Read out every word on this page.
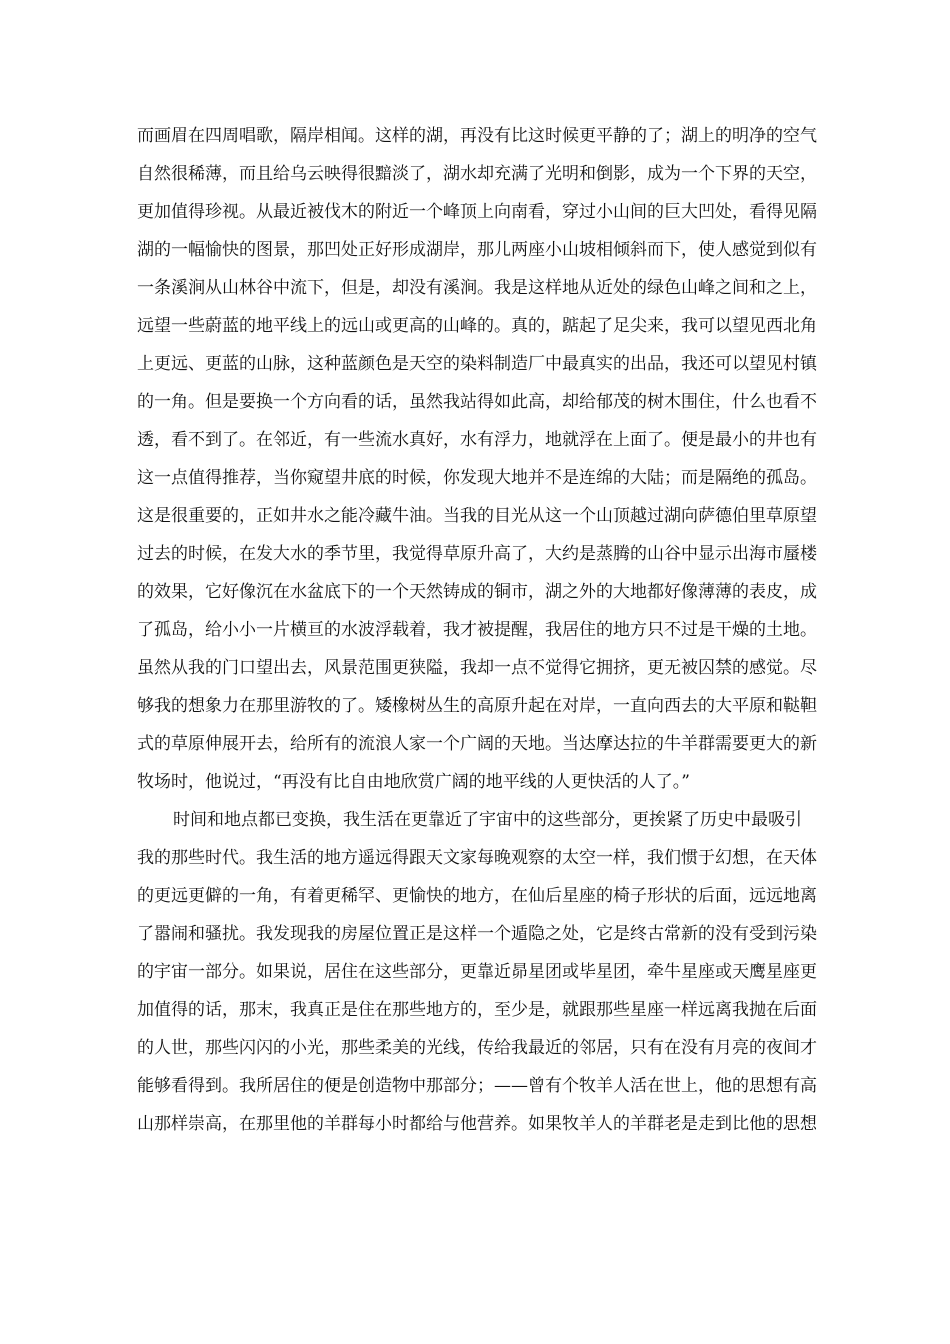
而画眉在四周唱歌，隔岸相闻。这样的湖，再没有比这时候更平静的了；湖上的明净的空气
自然很稀薄，而且给乌云映得很黯淡了，湖水却充满了光明和倒影，成为一个下界的天空，
更加值得珍视。从最近被伐木的附近一个峰顶上向南看，穿过小山间的巨大凹处，看得见隔
湖的一幅愉快的图景，那凹处正好形成湖岸，那儿两座小山坡相倾斜而下，使人感觉到似有
一条溪涧从山林谷中流下，但是，却没有溪涧。我是这样地从近处的绿色山峰之间和之上，
远望一些蔚蓝的地平线上的远山或更高的山峰的。真的，踮起了足尖来，我可以望见西北角
上更远、更蓝的山脉，这种蓝颜色是天空的染料制造厂中最真实的出品，我还可以望见村镇
的一角。但是要换一个方向看的话，虽然我站得如此高，却给郁茂的树木围住，什么也看不
透，看不到了。在邻近，有一些流水真好，水有浮力，地就浮在上面了。便是最小的井也有
这一点值得推荐，当你窥望井底的时候，你发现大地并不是连绵的大陆；而是隔绝的孤岛。
这是很重要的，正如井水之能冷藏牛油。当我的目光从这一个山顶越过湖向萨德伯里草原望
过去的时候，在发大水的季节里，我觉得草原升高了，大约是蒸腾的山谷中显示出海市蜃楼
的效果，它好像沉在水盆底下的一个天然铸成的铜市，湖之外的大地都好像薄薄的表皮，成
了孤岛，给小小一片横亘的水波浮载着，我才被提醒，我居住的地方只不过是干燥的土地。
虽然从我的门口望出去，风景范围更狭隘，我却一点不觉得它拥挤，更无被囚禁的感觉。尽
够我的想象力在那里游牧的了。矮橡树丛生的高原升起在对岸，一直向西去的大平原和鞑靼
式的草原伸展开去，给所有的流浪人家一个广阔的天地。当达摩达拉的牛羊群需要更大的新
牧场时，他说过，“再没有比自由地欣赏广阔的地平线的人更快活的人了。”
时间和地点都已变换，我生活在更靠近了宇宙中的这些部分，更挨紧了历史中最吸引
我的那些时代。我生活的地方遥远得跟天文家每晚观察的太空一样，我们惯于幻想，在天体
的更远更僻的一角，有着更稀罕、更愉快的地方，在仙后星座的椅子形状的后面，远远地离
了嚣闹和骚扰。我发现我的房屋位置正是这样一个遁隐之处，它是终古常新的没有受到污染
的宇宙一部分。如果说，居住在这些部分，更靠近昴星团或毕星团，牵牛星座或天鹰星座更
加值得的话，那末，我真正是住在那些地方的，至少是，就跟那些星座一样远离我抛在后面
的人世，那些闪闪的小光，那些柔美的光线，传给我最近的邻居，只有在没有月亮的夜间才
能够看得到。我所居住的便是创造物中那部分；——曾有个牧羊人活在世上，他的思想有高
山那样崇高，在那里他的羊群每小时都给与他营养。如果牧羊人的羊群老是走到比他的思想
